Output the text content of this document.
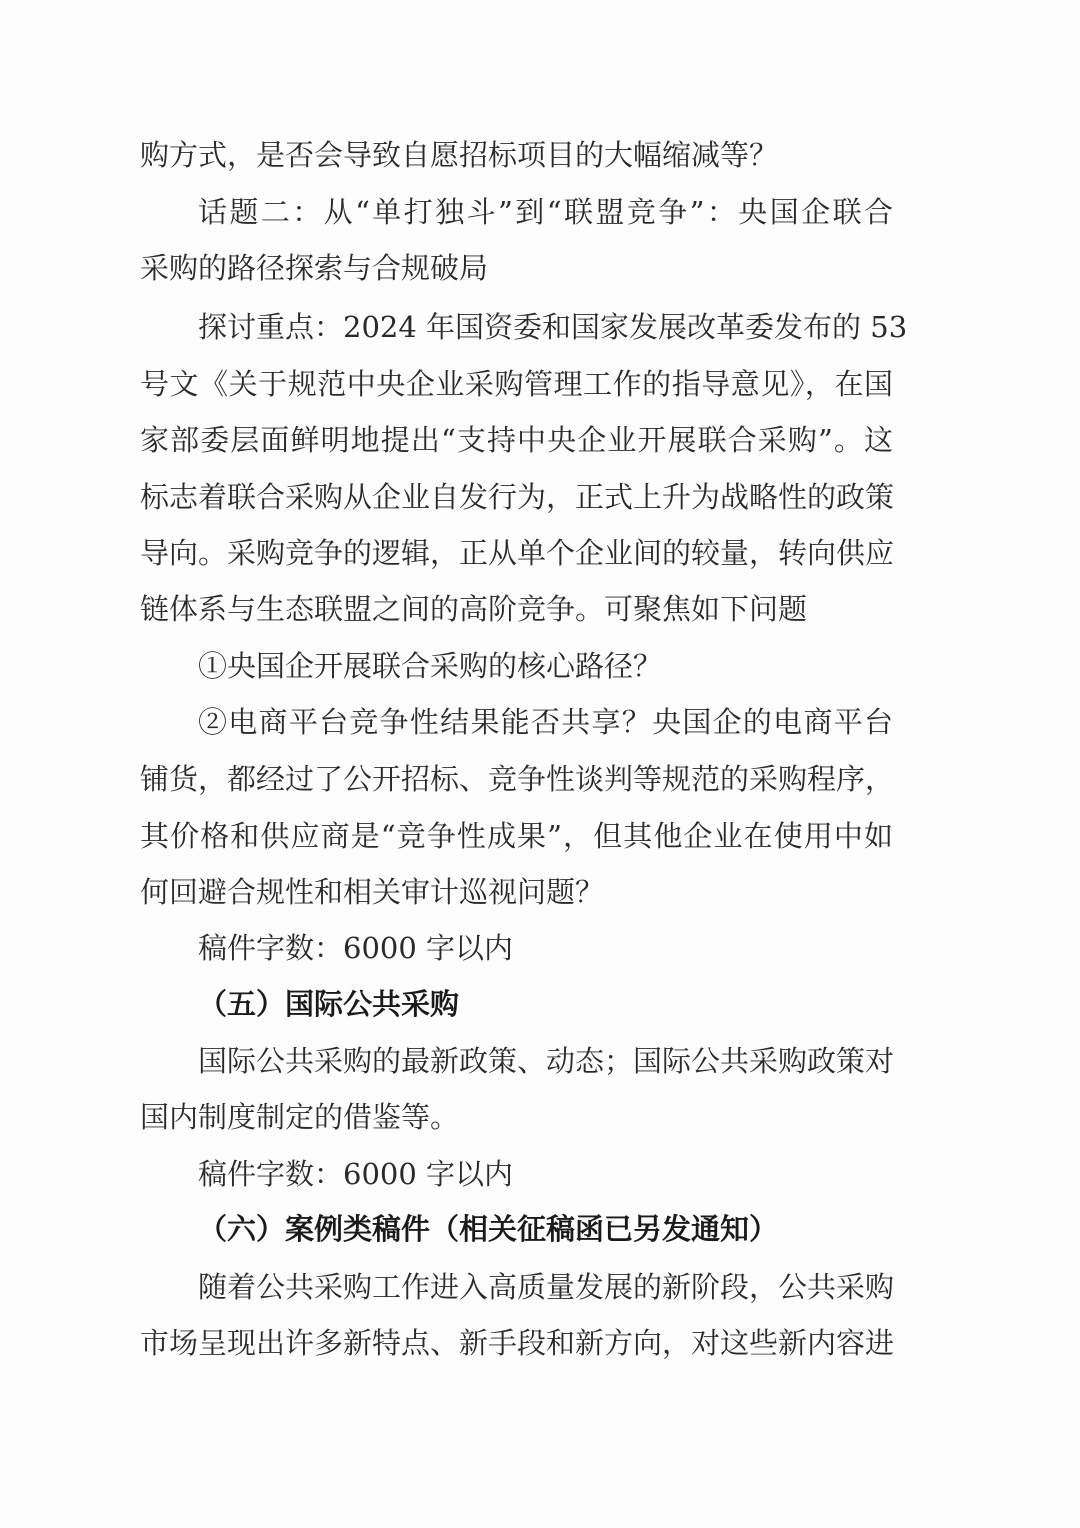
购方式，是否会导致自愿招标项目的大幅缩减等？
话题二：从“单打独斗”到“联盟竞争”：央国企联合
采购的路径探索与合规破局
探讨重点：2024 年国资委和国家发展改革委发布的 53
号文《关于规范中央企业采购管理工作的指导意见》，在国
家部委层面鲜明地提出“支持中央企业开展联合采购”。这
标志着联合采购从企业自发行为，正式上升为战略性的政策
导向。采购竞争的逻辑，正从单个企业间的较量，转向供应
链体系与生态联盟之间的高阶竞争。可聚焦如下问题
①央国企开展联合采购的核心路径？
②电商平台竞争性结果能否共享？央国企的电商平台
铺货，都经过了公开招标、竞争性谈判等规范的采购程序，
其价格和供应商是“竞争性成果”，但其他企业在使用中如
何回避合规性和相关审计巡视问题？
稿件字数：6000 字以内
（五）国际公共采购
国际公共采购的最新政策、动态；国际公共采购政策对
国内制度制定的借鉴等。
稿件字数：6000 字以内
（六）案例类稿件（相关征稿函已另发通知）
随着公共采购工作进入高质量发展的新阶段，公共采购
市场呈现出许多新特点、新手段和新方向，对这些新内容进
